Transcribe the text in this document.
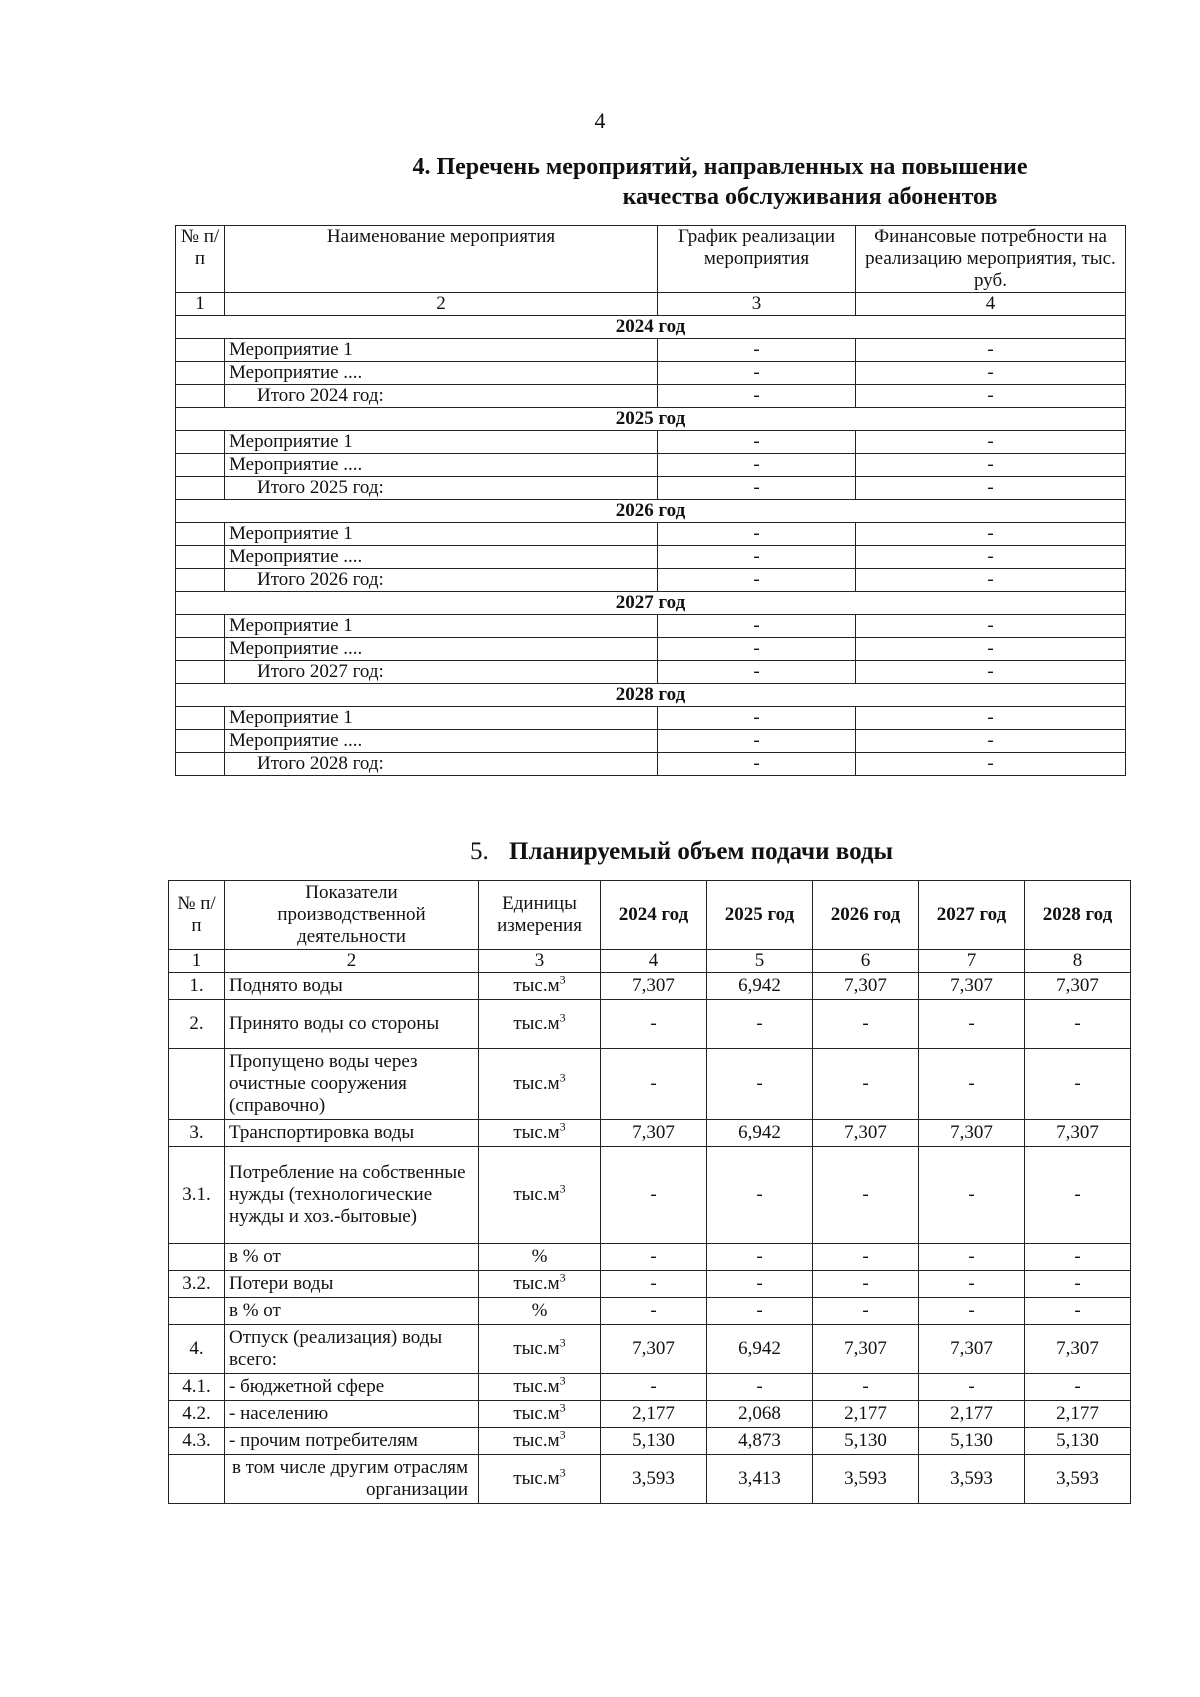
4
4. Перечень мероприятий, направленных на повышение
качества обслуживания абонентов
№ п/п	Наименование мероприятия	График реализации мероприятия	Финансовые потребности на реализацию мероприятия, тыс. руб.
1	2	3	4
2024 год			
	Мероприятие 1	-	-
	Мероприятие ....	-	-
	Итого 2024 год:	-	-
2025 год			
	Мероприятие 1	-	-
	Мероприятие ....	-	-
	Итого 2025 год:	-	-
2026 год			
	Мероприятие 1	-	-
	Мероприятие ....	-	-
	Итого 2026 год:	-	-
2027 год			
	Мероприятие 1	-	-
	Мероприятие ....	-	-
	Итого 2027 год:	-	-
2028 год			
	Мероприятие 1	-	-
	Мероприятие ....	-	-
	Итого 2028 год:	-	-
5. Планируемый объем подачи воды
№ п/п	Показатели производственной деятельности	Единицы измерения	2024 год	2025 год	2026 год	2027 год	2028 год
1	2	3	4	5	6	7	8
1.	Поднято воды	$тыс.м^3$	7,307	6,942	7,307	7,307	7,307
2.	Принято воды со стороны	$тыс.м^3$	-	-	-	-	-
	Пропущено воды через очистные сооружения (справочно)	$тыс.м^3$	-	-	-	-	-
3.	Транспортировка воды	$тыс.м^3$	7,307	6,942	7,307	7,307	7,307
3.1.	Потребление на собственные нужды (технологические нужды и хоз.-бытовые)	$тыс.м^3$	-	-	-	-	-
	в % от	%	-	-	-	-	-
3.2.	Потери воды	$тыс.м^3$	-	-	-	-	-
	в % от	%	-	-	-	-	-
4.	Отпуск (реализация) воды всего:	$тыс.м^3$	7,307	6,942	7,307	7,307	7,307
4.1.	- бюджетной сфере	$тыс.м^3$	-	-	-	-	-
4.2.	- населению	$тыс.м^3$	2,177	2,068	2,177	2,177	2,177
4.3.	- прочим потребителям	$тыс.м^3$	5,130	4,873	5,130	5,130	5,130
	в том числе другим отраслям организации	$тыс.м^3$	3,593	3,413	3,593	3,593	3,593
